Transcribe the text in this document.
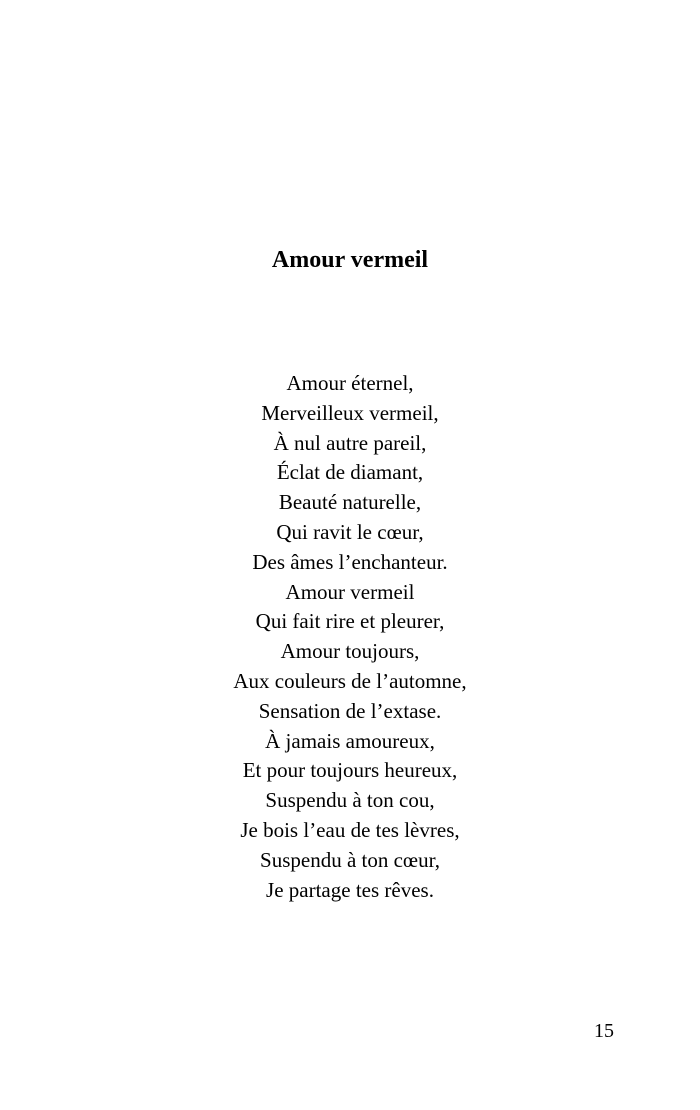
Amour vermeil
Amour éternel,
Merveilleux vermeil,
À nul autre pareil,
Éclat de diamant,
Beauté naturelle,
Qui ravit le cœur,
Des âmes l’enchanteur.
Amour vermeil
Qui fait rire et pleurer,
Amour toujours,
Aux couleurs de l’automne,
Sensation de l’extase.
À jamais amoureux,
Et pour toujours heureux,
Suspendu à ton cou,
Je bois l’eau de tes lèvres,
Suspendu à ton cœur,
Je partage tes rêves.
15
